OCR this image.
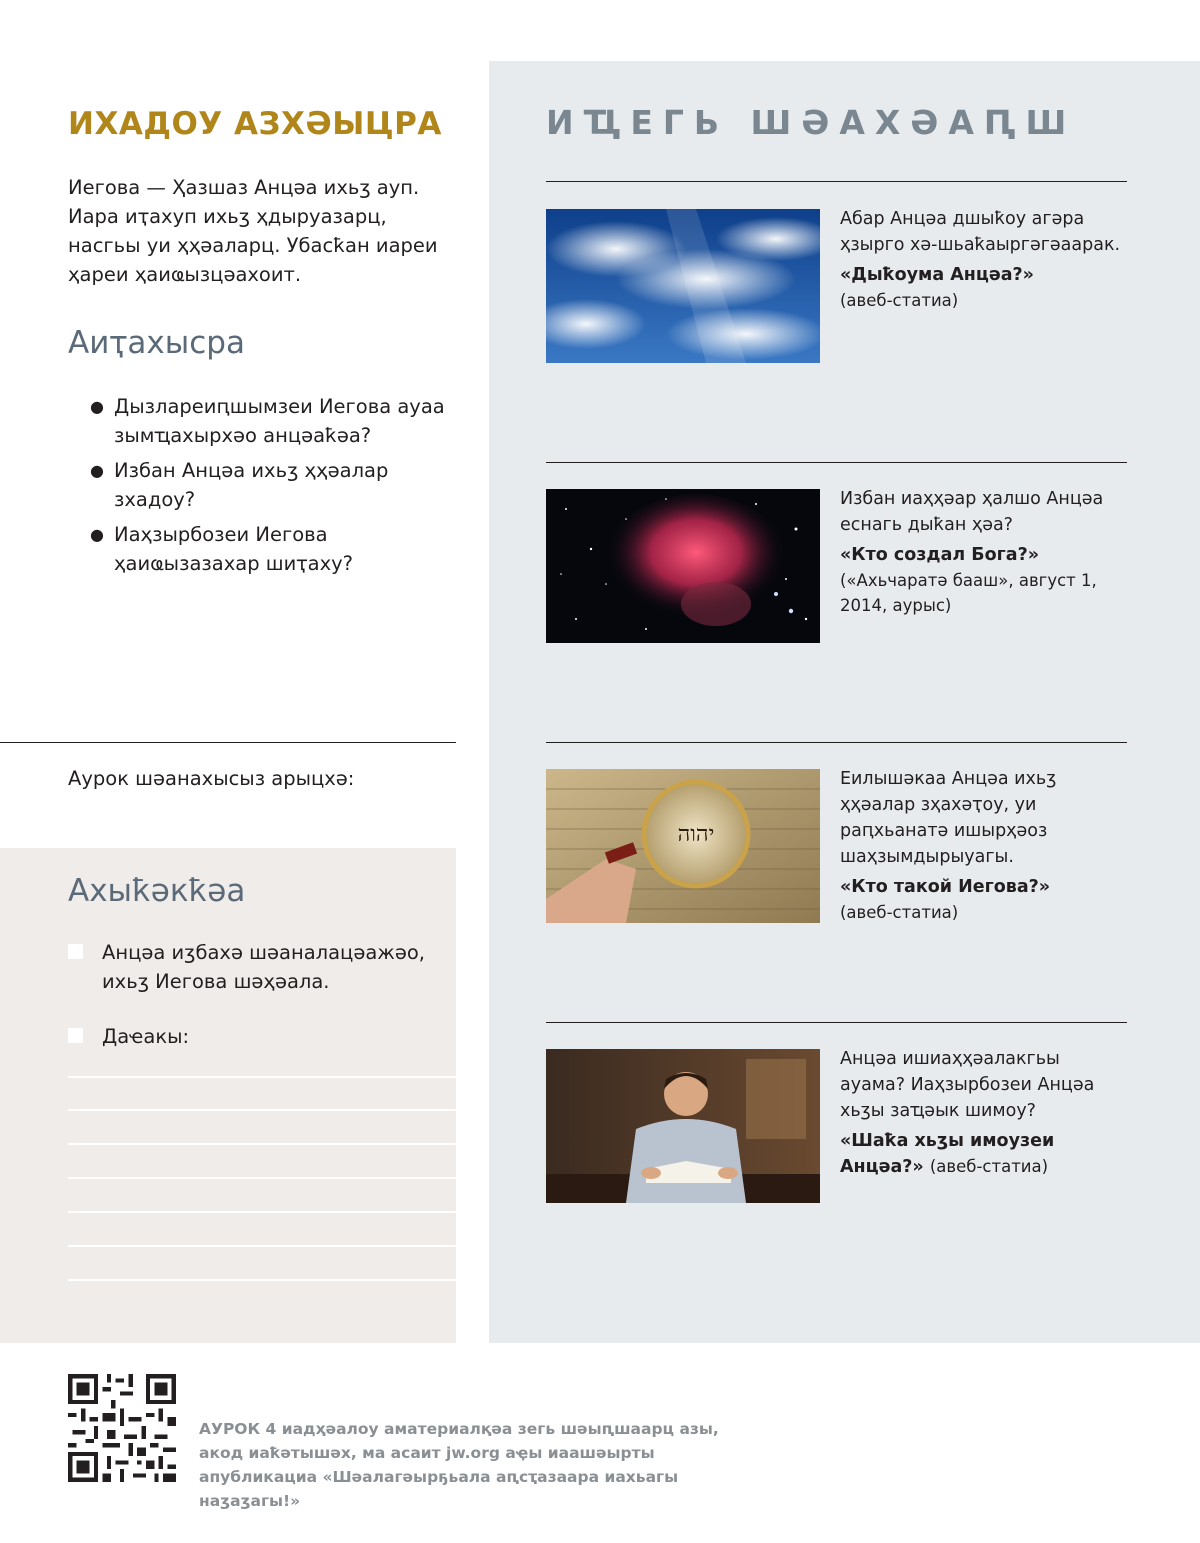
ИХАДОУ АЗХӘЫЦРА

Иегова — Ҳазшаз Анцәа ихьӡ ауп. Иара иҭахуп ихьӡ ҳдыруазарц, насгьы уи ҳҳәаларц. Убасҟан иареи ҳареи ҳаиҩызцәахоит.

Аиҭахысра
● Дызлареиԥшымзеи Иегова ауаа зымҵахырхәо анцәаҟәа?
● Избан Анцәа ихьӡ ҳҳәалар зхадоу?
● Иаҳзырбозеи Иегова ҳаиҩызазахар шиҭаху?
Аурок шәанахысыз арыцхә:
Ахыҟәкҟәа
Анцәа иӡбахә шәаналацәажәо, ихьӡ Иегова шәҳәала.
Даҽакы:
ИҴЕГЬ ШӘАХӘАԤШ
Абар Анцәа дшыҟоу агәра ҳзыргo хә-шьаҟаыргәгәаарак.
«Дыҟоума Анцәа?»
(авеб-статиа)
Избан иаҳҳәар ҳалшо Анцәа еснагь дыҟан ҳәа?
«Кто создал Бога?»
(«Ахьчаратә бааш», август 1, 2014, аурыс)
יהוה
Еилышәкаа Анцәа ихьӡ ҳҳәалар зҳахәҭоу, уи раԥхьанатә ишырҳәоз шаҳзымдырыуагы.
«Кто такой Иегова?»
(авеб-статиа)
Анцәа ишиаҳҳәалакгьы ауама? Иаҳзырбозеи Анцәа хьӡы заҵәык шимоу?
«Шаҟа хьӡы имоузеи Анцәа?» (авеб-статиа)

АУРОК 4 иадҳәалоу аматериалқәа зегь шәыԥшаарц азы, акод иаҟәтышәх, ма асаит jw.org аҿы иаашәырты апубликациа «Шәалагәырҕьала аԥсҭазаара иахьагы наӡаӡагы!»
